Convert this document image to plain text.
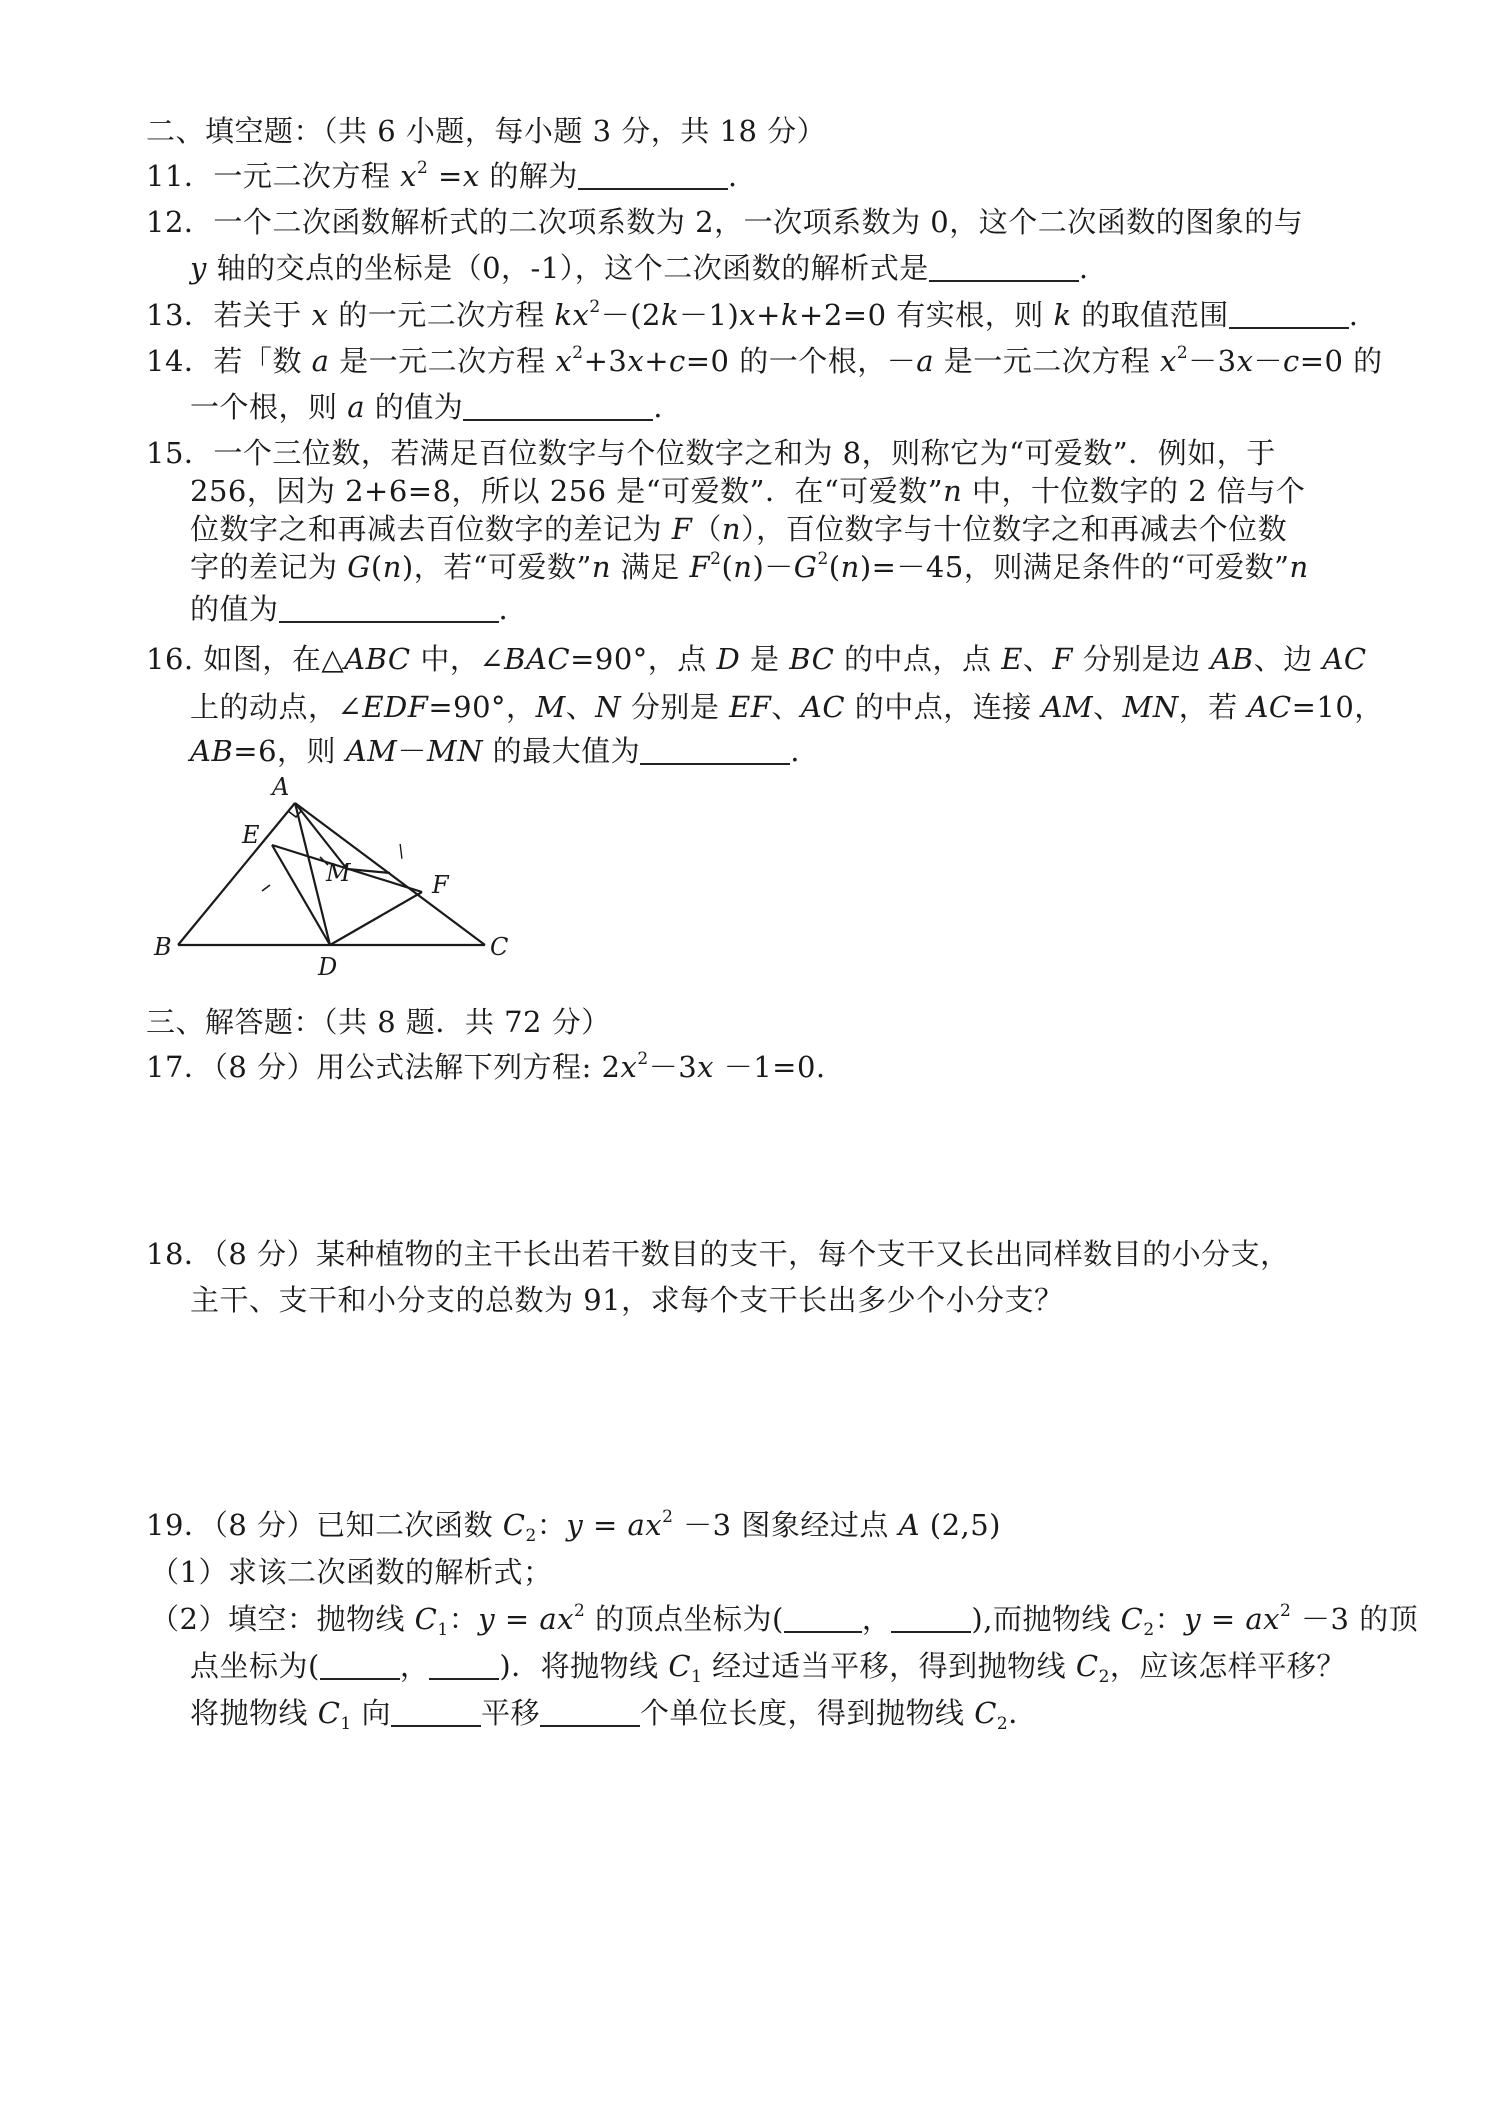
二、填空题：（共 6 小题，每小题 3 分，共 18 分）
11．一元二次方程 $x^2 =x$ 的解为	.
12．一个二次函数解析式的二次项系数为 2，一次项系数为 0，这个二次函数的图象的与
y 轴的交点的坐标是（0，-1），这个二次函数的解析式是	.
13．若关于 x 的一元二次方程 $kx^2-(2k-1)x+k+2=0$ 有实根，则 k 的取值范围	.
14．若「数 a 是一元二次方程 $x^2+3x+c=0$ 的一个根，－a 是一元二次方程 $x^2-3x-c=0$ 的
一个根，则 a 的值为	.
15．一个三位数，若满足百位数字与个位数字之和为 8，则称它为“可爱数”．例如，于
256，因为 2+6=8，所以 256 是“可爱数”．在“可爱数”n 中，十位数字的 2 倍与个
位数字之和再减去百位数字的差记为 F（n），百位数字与十位数字之和再减去个位数
字的差记为 G(n)，若“可爱数”n 满足 $F^2(n)-G^2(n)=-45$，则满足条件的“可爱数”n
的值为	.
16. 如图，在△ABC 中，∠BAC=90°，点 D 是 BC 的中点，点 E、F 分别是边 AB、边 AC
上的动点，∠EDF=90°，M、N 分别是 EF、AC 的中点，连接 AM、MN，若 AC=10，
AB=6，则 AM－MN 的最大值为	.
A
E
M
\
F
B
D
C
三、解答题：（共 8 题．共 72 分）
17．（8 分）用公式法解下列方程: $2x^2-3x -1=0$.
18．（8 分）某种植物的主干长出若干数目的支干，每个支干又长出同样数目的小分支，
主干、支干和小分支的总数为 91，求每个支干长出多少个小分支？
19．（8 分）已知二次函数 $C_2$：$y = ax^2 -3$ 图象经过点 A (2,5)
（1）求该二次函数的解析式；
（2）填空：抛物线 $C_1$：$y = ax^2$ 的顶点坐标为(	，	),而抛物线 $C_2$：$y = ax^2 -3$ 的顶
点坐标为(	， )．将抛物线 $C_1$ 经过适当平移，得到抛物线 $C_2$，应该怎样平移？
将抛物线 $C_1$ 向	平移	个单位长度，得到抛物线 $C_2$．
